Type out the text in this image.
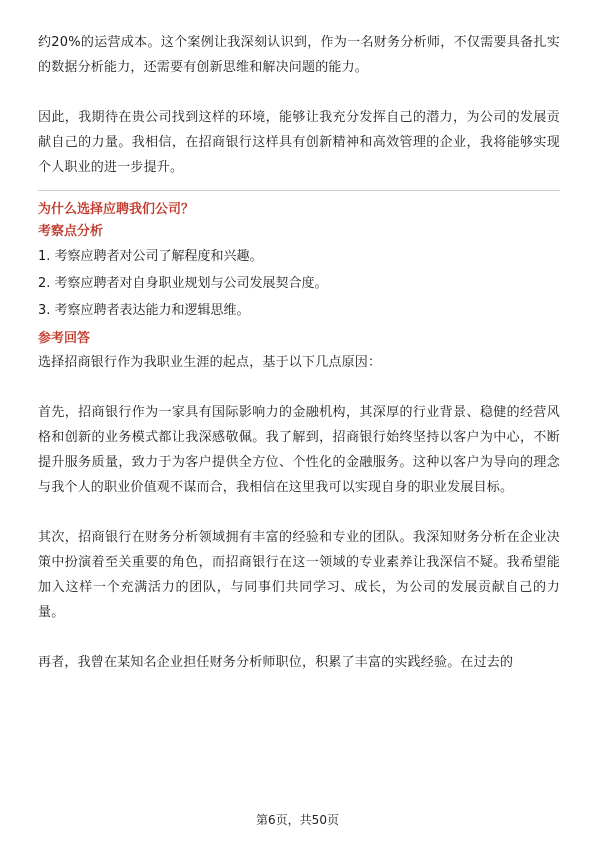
约20%的运营成本。这个案例让我深刻认识到，作为一名财务分析师，不仅需要具备扎实的数据分析能力，还需要有创新思维和解决问题的能力。

因此，我期待在贵公司找到这样的环境，能够让我充分发挥自己的潜力，为公司的发展贡献自己的力量。我相信，在招商银行这样具有创新精神和高效管理的企业，我将能够实现个人职业的进一步提升。

为什么选择应聘我们公司？

考察点分析

1. 考察应聘者对公司了解程度和兴趣。
2. 考察应聘者对自身职业规划与公司发展契合度。
3. 考察应聘者表达能力和逻辑思维。

参考回答

选择招商银行作为我职业生涯的起点，基于以下几点原因：

首先，招商银行作为一家具有国际影响力的金融机构，其深厚的行业背景、稳健的经营风格和创新的业务模式都让我深感敬佩。我了解到，招商银行始终坚持以客户为中心，不断提升服务质量，致力于为客户提供全方位、个性化的金融服务。这种以客户为导向的理念与我个人的职业价值观不谋而合，我相信在这里我可以实现自身的职业发展目标。

其次，招商银行在财务分析领域拥有丰富的经验和专业的团队。我深知财务分析在企业决策中扮演着至关重要的角色，而招商银行在这一领域的专业素养让我深信不疑。我希望能加入这样一个充满活力的团队，与同事们共同学习、成长，为公司的发展贡献自己的力量。

再者，我曾在某知名企业担任财务分析师职位，积累了丰富的实践经验。在过去的

第6页，共50页
